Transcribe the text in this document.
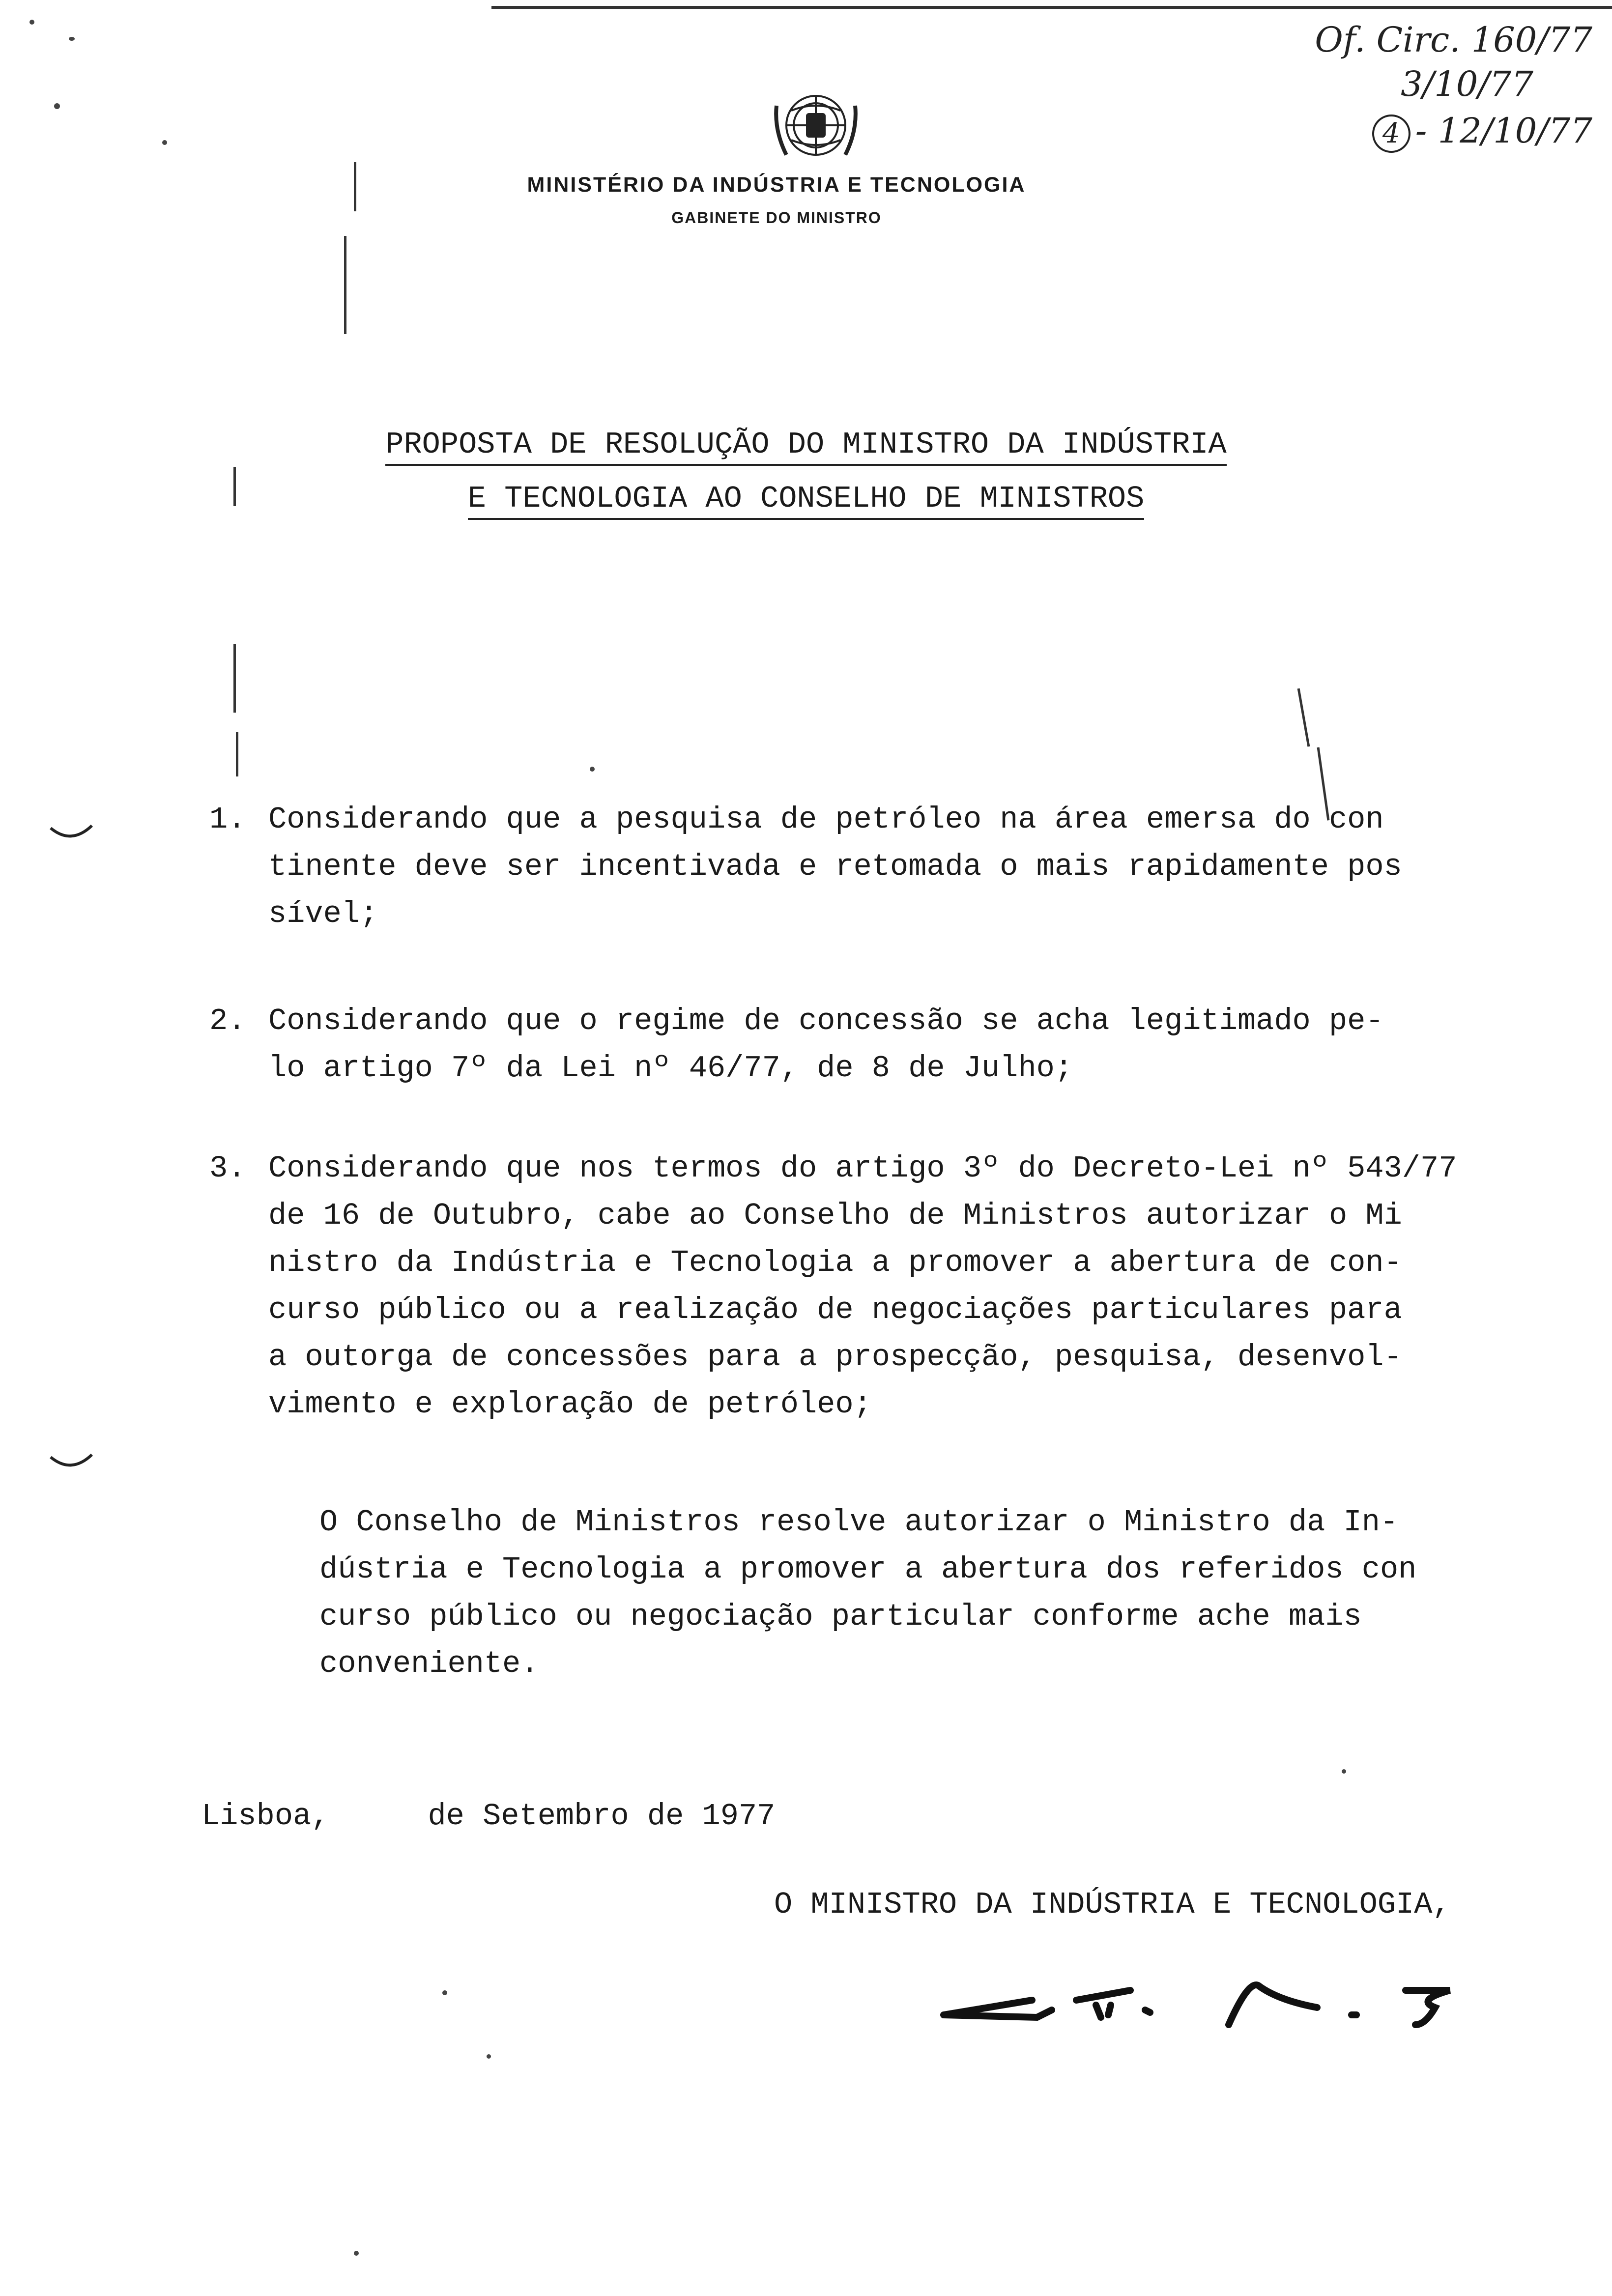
Of. Circ. 160/77
3/10/77
4 - 12/10/77
MINISTÉRIO DA INDÚSTRIA E TECNOLOGIA
GABINETE DO MINISTRO
PROPOSTA DE RESOLUÇÃO DO MINISTRO DA INDÚSTRIA
E TECNOLOGIA AO CONSELHO DE MINISTROS
1. Considerando que a pesquisa de petróleo na área emersa do con
tinente deve ser incentivada e retomada o mais rapidamente pos
sível;
2. Considerando que o regime de concessão se acha legitimado pe-
lo artigo 7º da Lei nº 46/77, de 8 de Julho;
3. Considerando que nos termos do artigo 3º do Decreto-Lei nº 543/77
de 16 de Outubro, cabe ao Conselho de Ministros autorizar o Mi
nistro da Indústria e Tecnologia a promover a abertura de con-
curso público ou a realização de negociações particulares para
a outorga de concessões para a prospecção, pesquisa, desenvol-
vimento e exploração de petróleo;
O Conselho de Ministros resolve autorizar o Ministro da In-
dústria e Tecnologia a promover a abertura dos referidos con
curso público ou negociação particular conforme ache mais
conveniente.
Lisboa,	de Setembro de 1977
O MINISTRO DA INDÚSTRIA E TECNOLOGIA,
